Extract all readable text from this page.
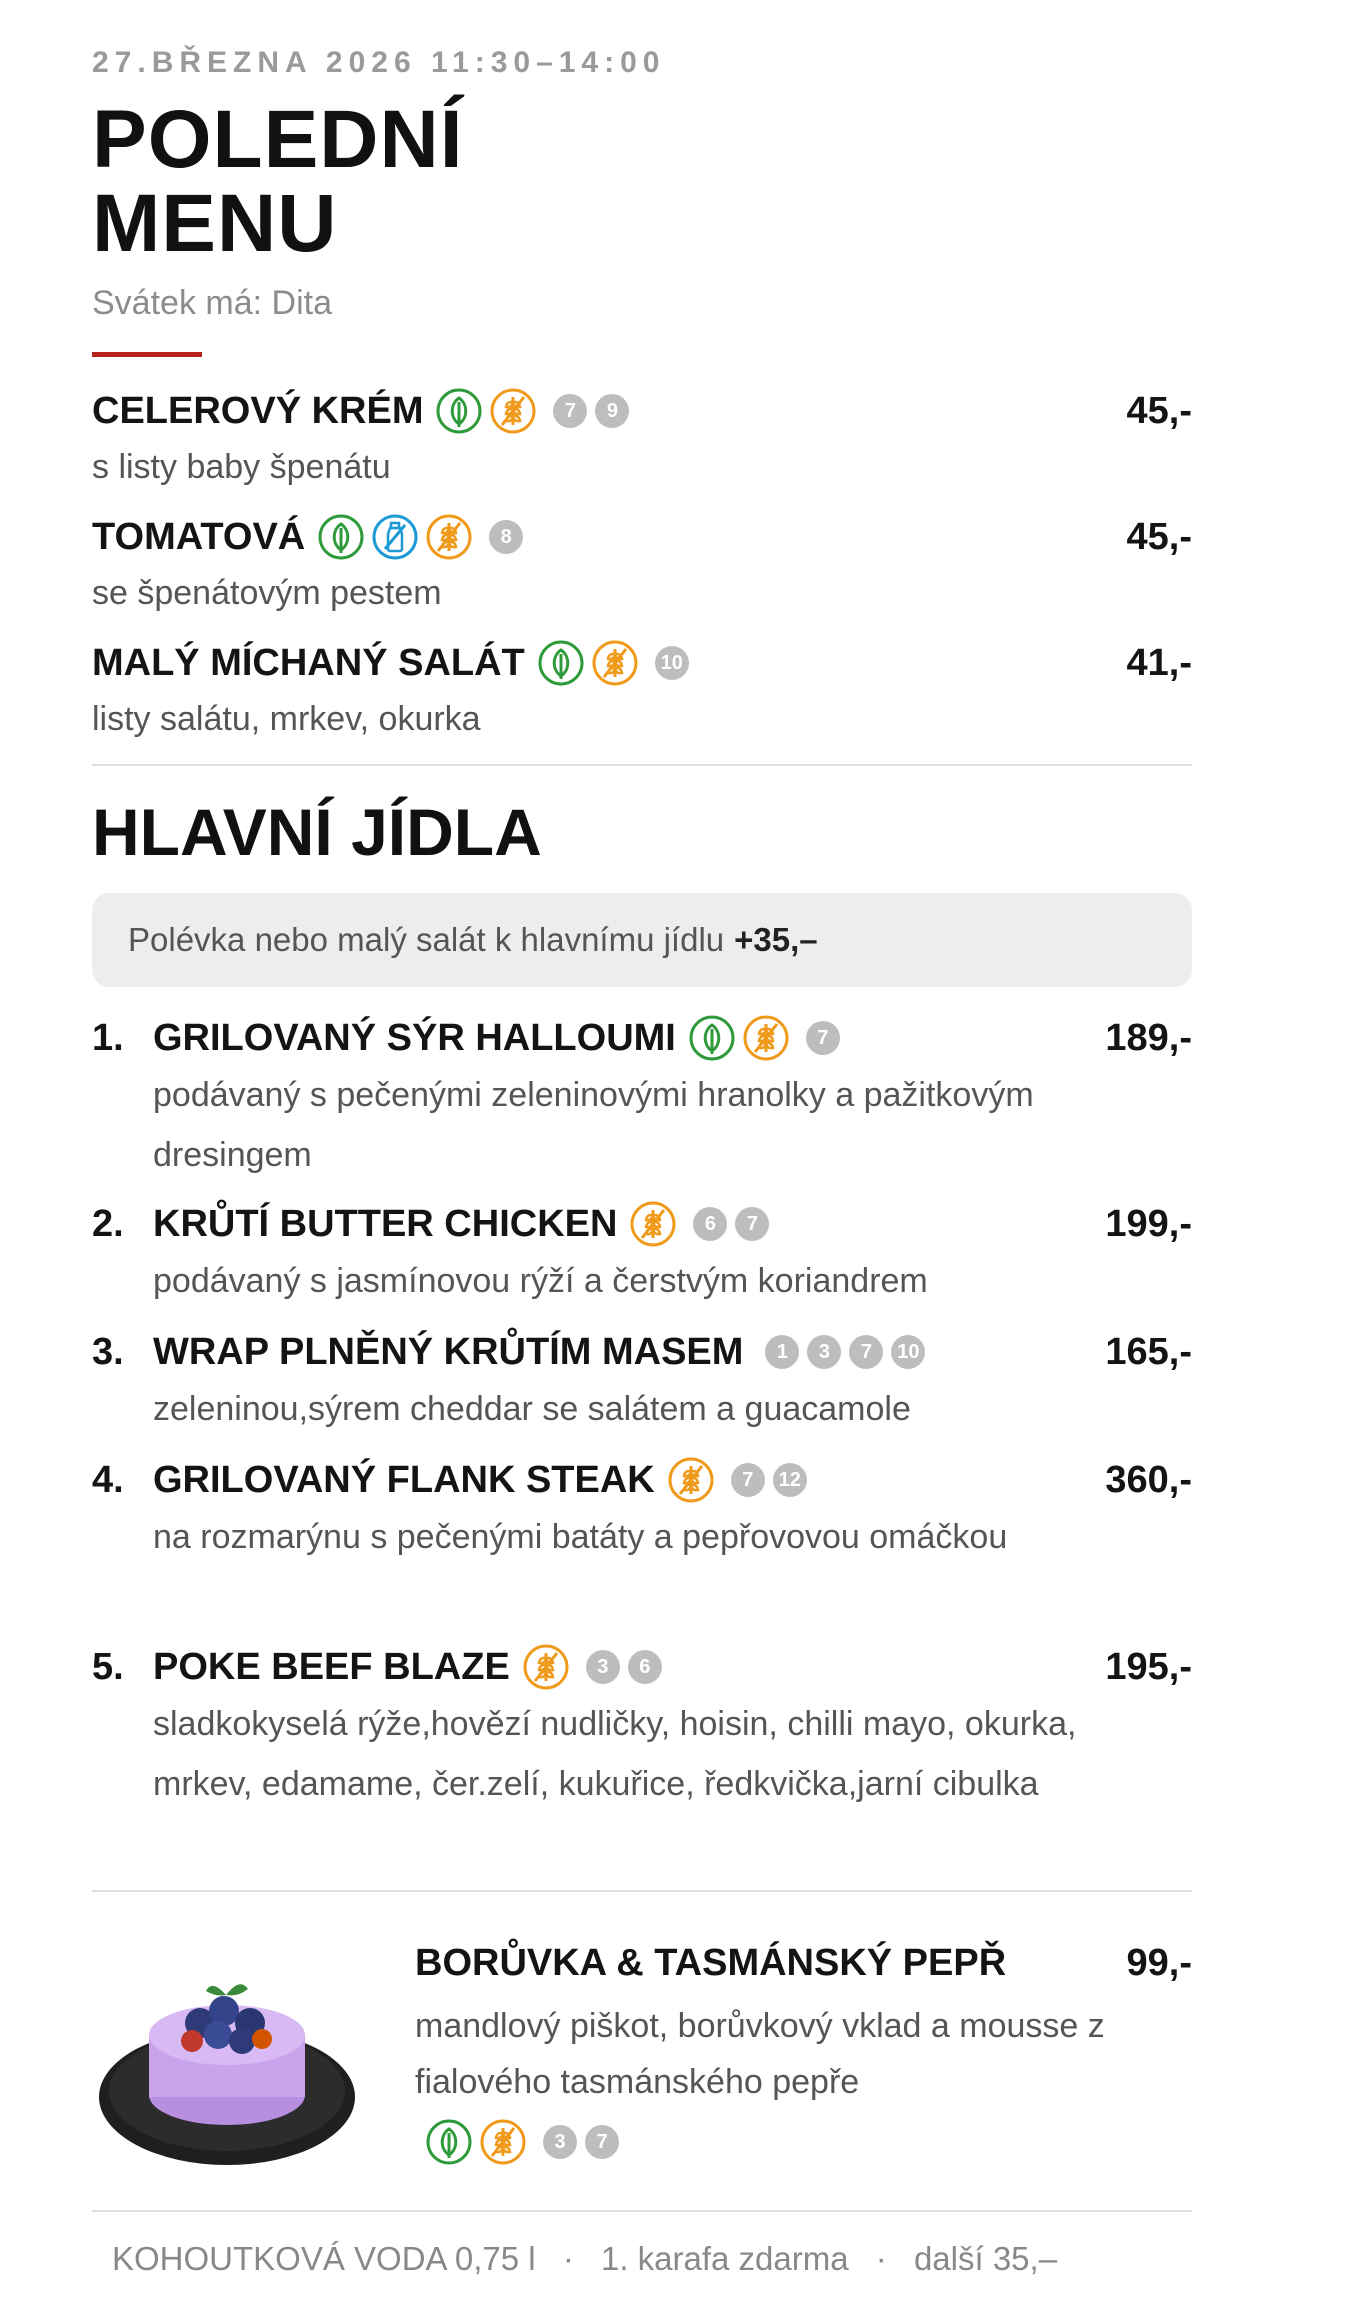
27.BŘEZNA 2026 11:30–14:00
POLEDNÍ
MENU
Svátek má: Dita
CELEROVÝ KRÉM	7	9	45,-
s listy baby špenátu
TOMATOVÁ	8	45,-
se špenátovým pestem
MALÝ MÍCHANÝ SALÁT	10	41,-
listy salátu, mrkev, okurka
HLAVNÍ JÍDLA
Polévka nebo malý salát k hlavnímu jídlu +35,–
1. GRILOVANÝ SÝR HALLOUMI	7	189,-
podávaný s pečenými zeleninovými hranolky a pažitkovým dresingem
2. KRŮTÍ BUTTER CHICKEN	6	7	199,-
podávaný s jasmínovou rýží a čerstvým koriandrem
3. WRAP PLNĚNÝ KRŮTÍM MASEM	1	3	7	10	165,-
zeleninou,sýrem cheddar se salátem a guacamole
4. GRILOVANÝ FLANK STEAK	7	12	360,-
na rozmarýnu s pečenými batáty a pepřovovou omáčkou
5. POKE BEEF BLAZE	3	6	195,-
sladkokyselá rýže,hovězí nudličky, hoisin, chilli mayo, okurka, mrkev, edamame, čer.zelí, kukuřice, ředkvička,jarní cibulka
BORŮVKA & TASMÁNSKÝ PEPŘ	99,-
mandlový piškot, borůvkový vklad a mousse z fialového tasmánského pepře
3	7
KOHOUTKOVÁ VODA 0,75 l · 1. karafa zdarma · další 35,–
